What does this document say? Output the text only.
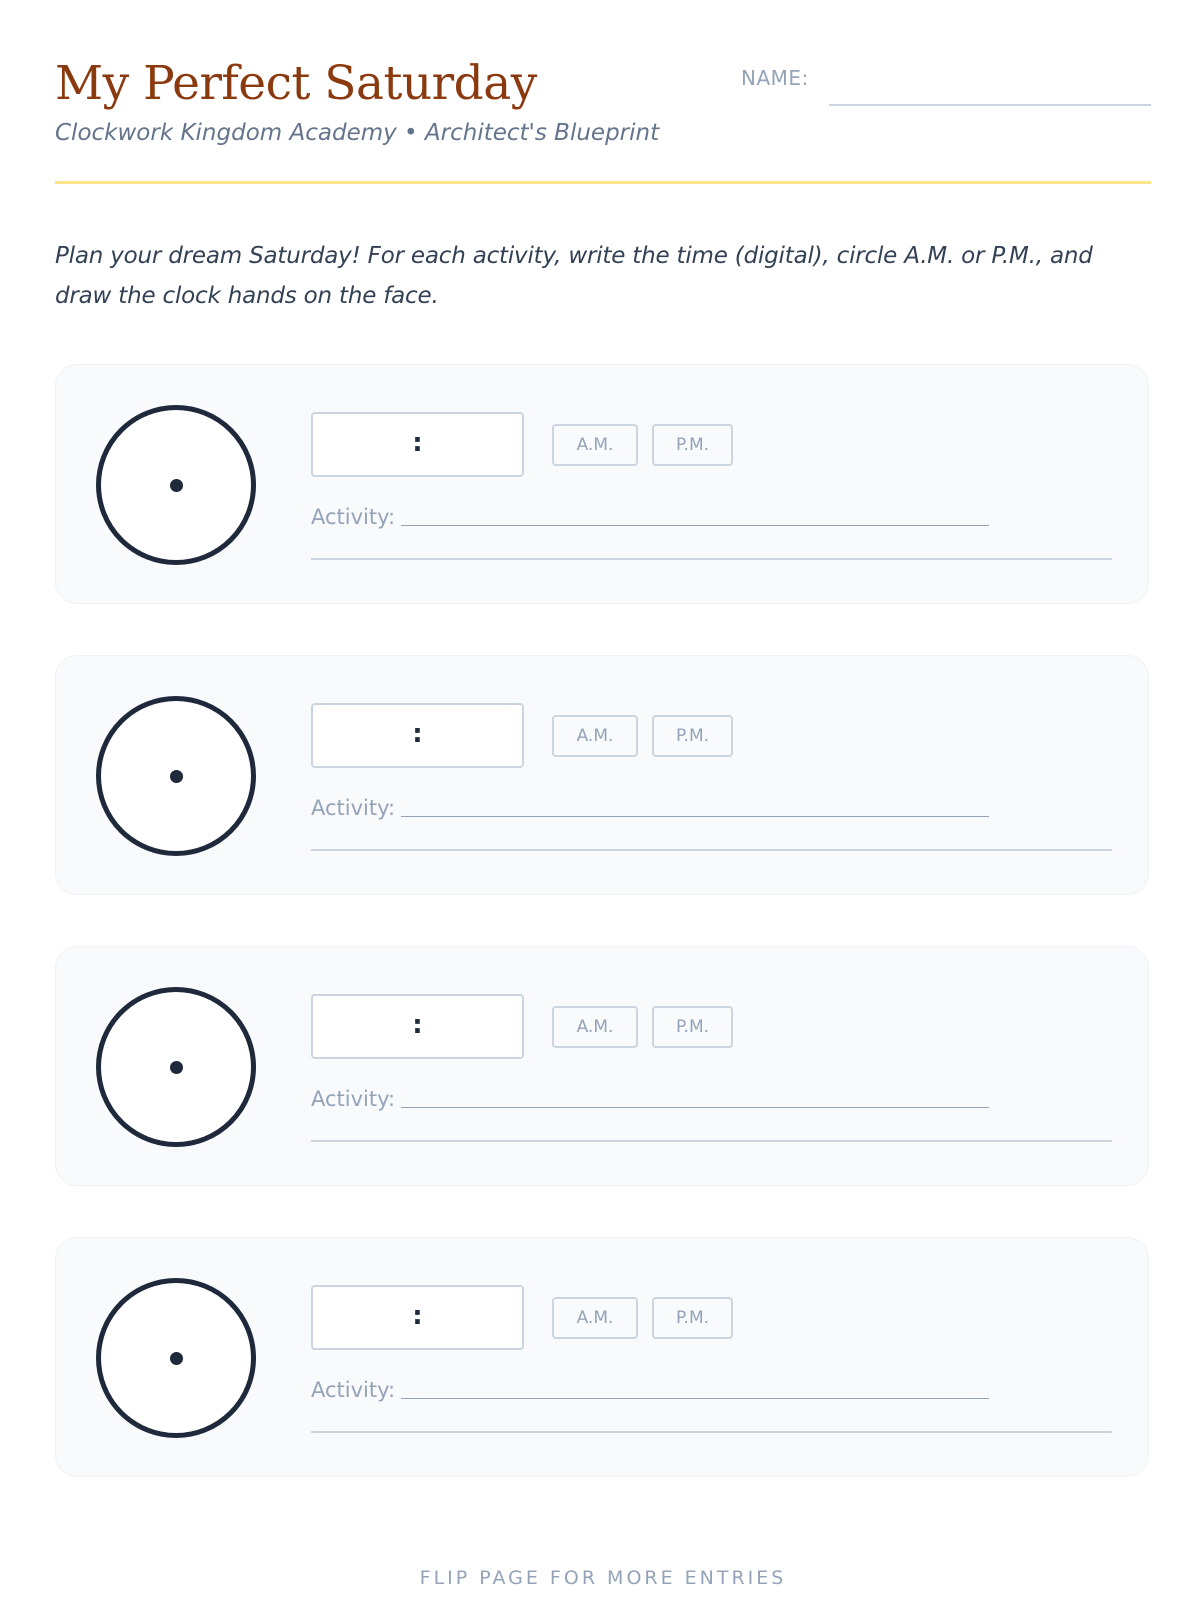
My Perfect Saturday
Clockwork Kingdom Academy • Architect's Blueprint
NAME:

Plan your dream Saturday! For each activity, write the time (digital), circle A.M. or P.M., and draw the clock hands on the face.

:	A.M.	P.M.
Activity:
:	A.M.	P.M.
Activity:
:	A.M.	P.M.
Activity:
:	A.M.	P.M.
Activity:
FLIP PAGE FOR MORE ENTRIES
